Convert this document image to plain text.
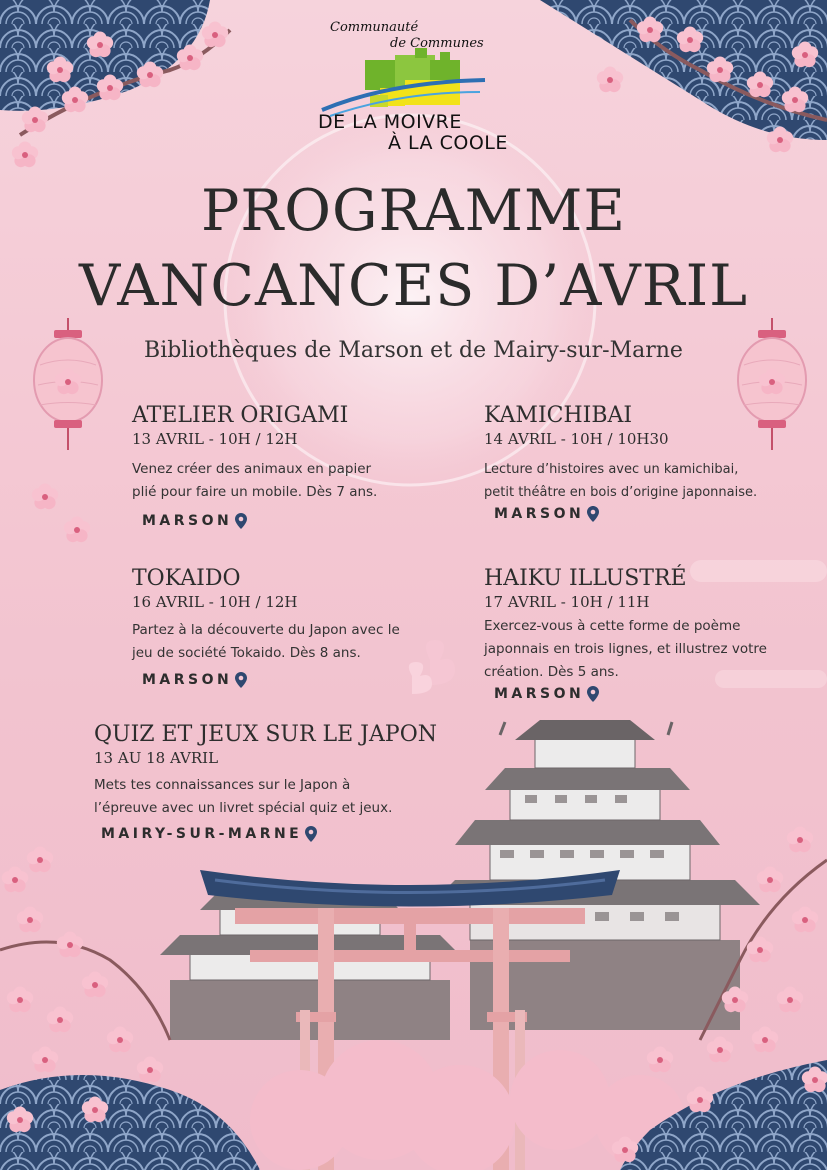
Communauté
de Communes
DE LA MOIVRE
À LA COOLE
PROGRAMME
VANCANCES D’AVRIL
Bibliothèques de Marson et de Mairy-sur-Marne
ATELIER ORIGAMI
13 AVRIL - 10H / 12H
Venez créer des animaux en papier
plié pour faire un mobile. Dès 7 ans.
MARSON
KAMICHIBAI
14 AVRIL - 10H / 10H30
Lecture d’histoires avec un kamichibai,
petit théâtre en bois d’origine japonnaise.
MARSON
TOKAIDO
16 AVRIL - 10H / 12H
Partez à la découverte du Japon avec le
jeu de société Tokaido. Dès 8 ans.
MARSON
HAIKU ILLUSTRÉ
17 AVRIL - 10H / 11H
Exercez-vous à cette forme de poème
japonnais en trois lignes, et illustrez votre
création. Dès 5 ans.
MARSON
QUIZ ET JEUX SUR LE JAPON
13 AU 18 AVRIL
Mets tes connaissances sur le Japon à
l’épreuve avec un livret spécial quiz et jeux.
MAIRY-SUR-MARNE
